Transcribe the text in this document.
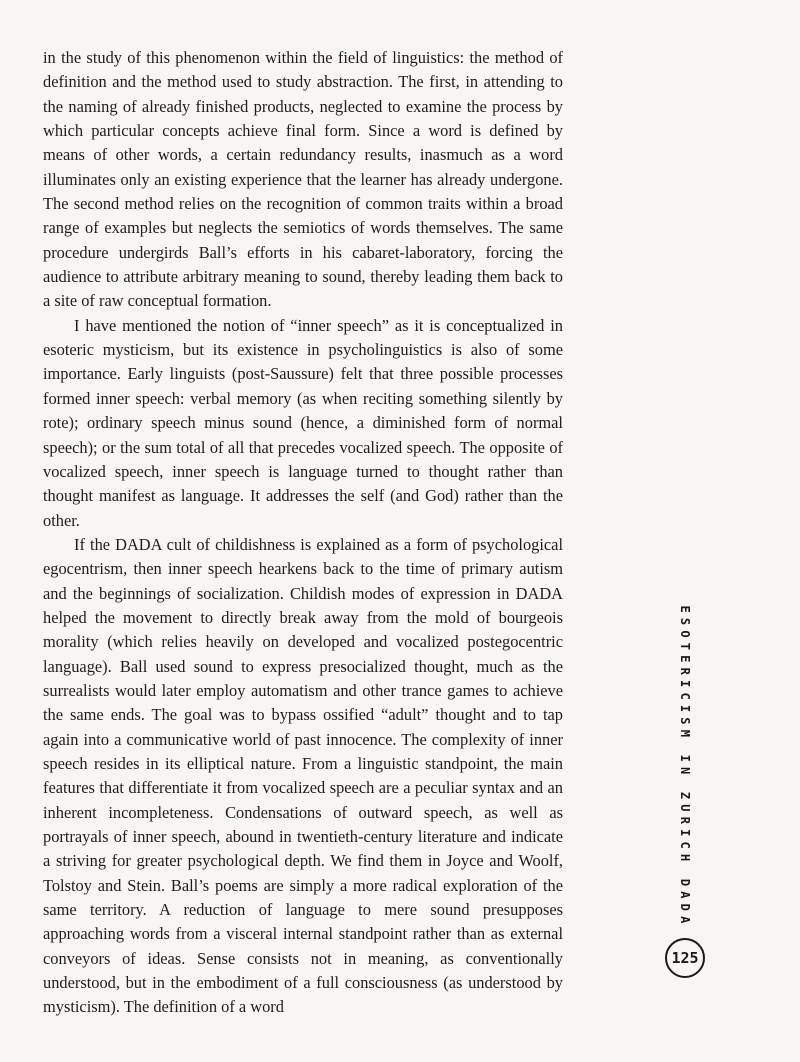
in the study of this phenomenon within the field of linguistics: the method of definition and the method used to study abstraction. The first, in attending to the naming of already finished products, neglected to examine the process by which particular concepts achieve final form. Since a word is defined by means of other words, a certain redundancy results, inasmuch as a word illuminates only an existing experience that the learner has already undergone. The second method relies on the recognition of common traits within a broad range of examples but neglects the semiotics of words themselves. The same procedure undergirds Ball’s efforts in his cabaret-laboratory, forcing the audience to attribute arbitrary meaning to sound, thereby leading them back to a site of raw conceptual formation.

I have mentioned the notion of “inner speech” as it is conceptualized in esoteric mysticism, but its existence in psycholinguistics is also of some importance. Early linguists (post-Saussure) felt that three possible processes formed inner speech: verbal memory (as when reciting something silently by rote); ordinary speech minus sound (hence, a diminished form of normal speech); or the sum total of all that precedes vocalized speech. The opposite of vocalized speech, inner speech is language turned to thought rather than thought manifest as language. It addresses the self (and God) rather than the other.

If the DADA cult of childishness is explained as a form of psychological egocentrism, then inner speech hearkens back to the time of primary autism and the beginnings of socialization. Childish modes of expression in DADA helped the movement to directly break away from the mold of bourgeois morality (which relies heavily on developed and vocalized postegocentric language). Ball used sound to express presocialized thought, much as the surrealists would later employ automatism and other trance games to achieve the same ends. The goal was to bypass ossified “adult” thought and to tap again into a communicative world of past innocence. The complexity of inner speech resides in its elliptical nature. From a linguistic standpoint, the main features that differentiate it from vocalized speech are a peculiar syntax and an inherent incompleteness. Condensations of outward speech, as well as portrayals of inner speech, abound in twentieth-century literature and indicate a striving for greater psychological depth. We find them in Joyce and Woolf, Tolstoy and Stein. Ball’s poems are simply a more radical exploration of the same territory. A reduction of language to mere sound presupposes approaching words from a visceral internal standpoint rather than as external conveyors of ideas. Sense consists not in meaning, as conventionally understood, but in the embodiment of a full consciousness (as understood by mysticism). The definition of a word

ESOTERICISM IN ZURICH DADA
125
